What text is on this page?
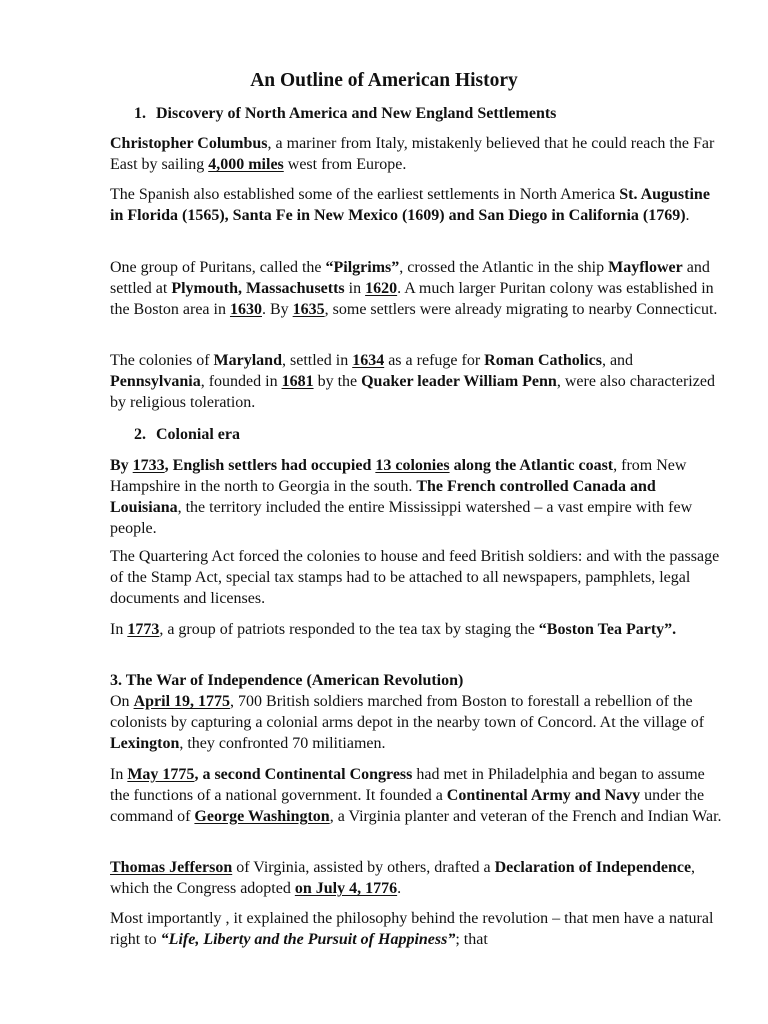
An Outline of American History
1. Discovery of North America and New England Settlements

Christopher Columbus, a mariner from Italy, mistakenly believed that he could reach the Far East by sailing 4,000 miles west from Europe.

The Spanish also established some of the earliest settlements in North America St. Augustine in Florida (1565), Santa Fe in New Mexico (1609) and San Diego in California (1769).

One group of Puritans, called the “Pilgrims”, crossed the Atlantic in the ship Mayflower and settled at Plymouth, Massachusetts in 1620. A much larger Puritan colony was established in the Boston area in 1630. By 1635, some settlers were already migrating to nearby Connecticut.

The colonies of Maryland, settled in 1634 as a refuge for Roman Catholics, and Pennsylvania, founded in 1681 by the Quaker leader William Penn, were also characterized by religious toleration.

2. Colonial era

By 1733, English settlers had occupied 13 colonies along the Atlantic coast, from New Hampshire in the north to Georgia in the south. The French controlled Canada and Louisiana, the territory included the entire Mississippi watershed – a vast empire with few people.

The Quartering Act forced the colonies to house and feed British soldiers: and with the passage of the Stamp Act, special tax stamps had to be attached to all newspapers, pamphlets, legal documents and licenses.

In 1773, a group of patriots responded to the tea tax by staging the “Boston Tea Party”.

3. The War of Independence (American Revolution)

On April 19, 1775, 700 British soldiers marched from Boston to forestall a rebellion of the colonists by capturing a colonial arms depot in the nearby town of Concord. At the village of Lexington, they confronted 70 militiamen.

In May 1775, a second Continental Congress had met in Philadelphia and began to assume the functions of a national government. It founded a Continental Army and Navy under the command of George Washington, a Virginia planter and veteran of the French and Indian War.

Thomas Jefferson of Virginia, assisted by others, drafted a Declaration of Independence, which the Congress adopted on July 4, 1776.

Most importantly , it explained the philosophy behind the revolution – that men have a natural right to “Life, Liberty and the Pursuit of Happiness”; that
